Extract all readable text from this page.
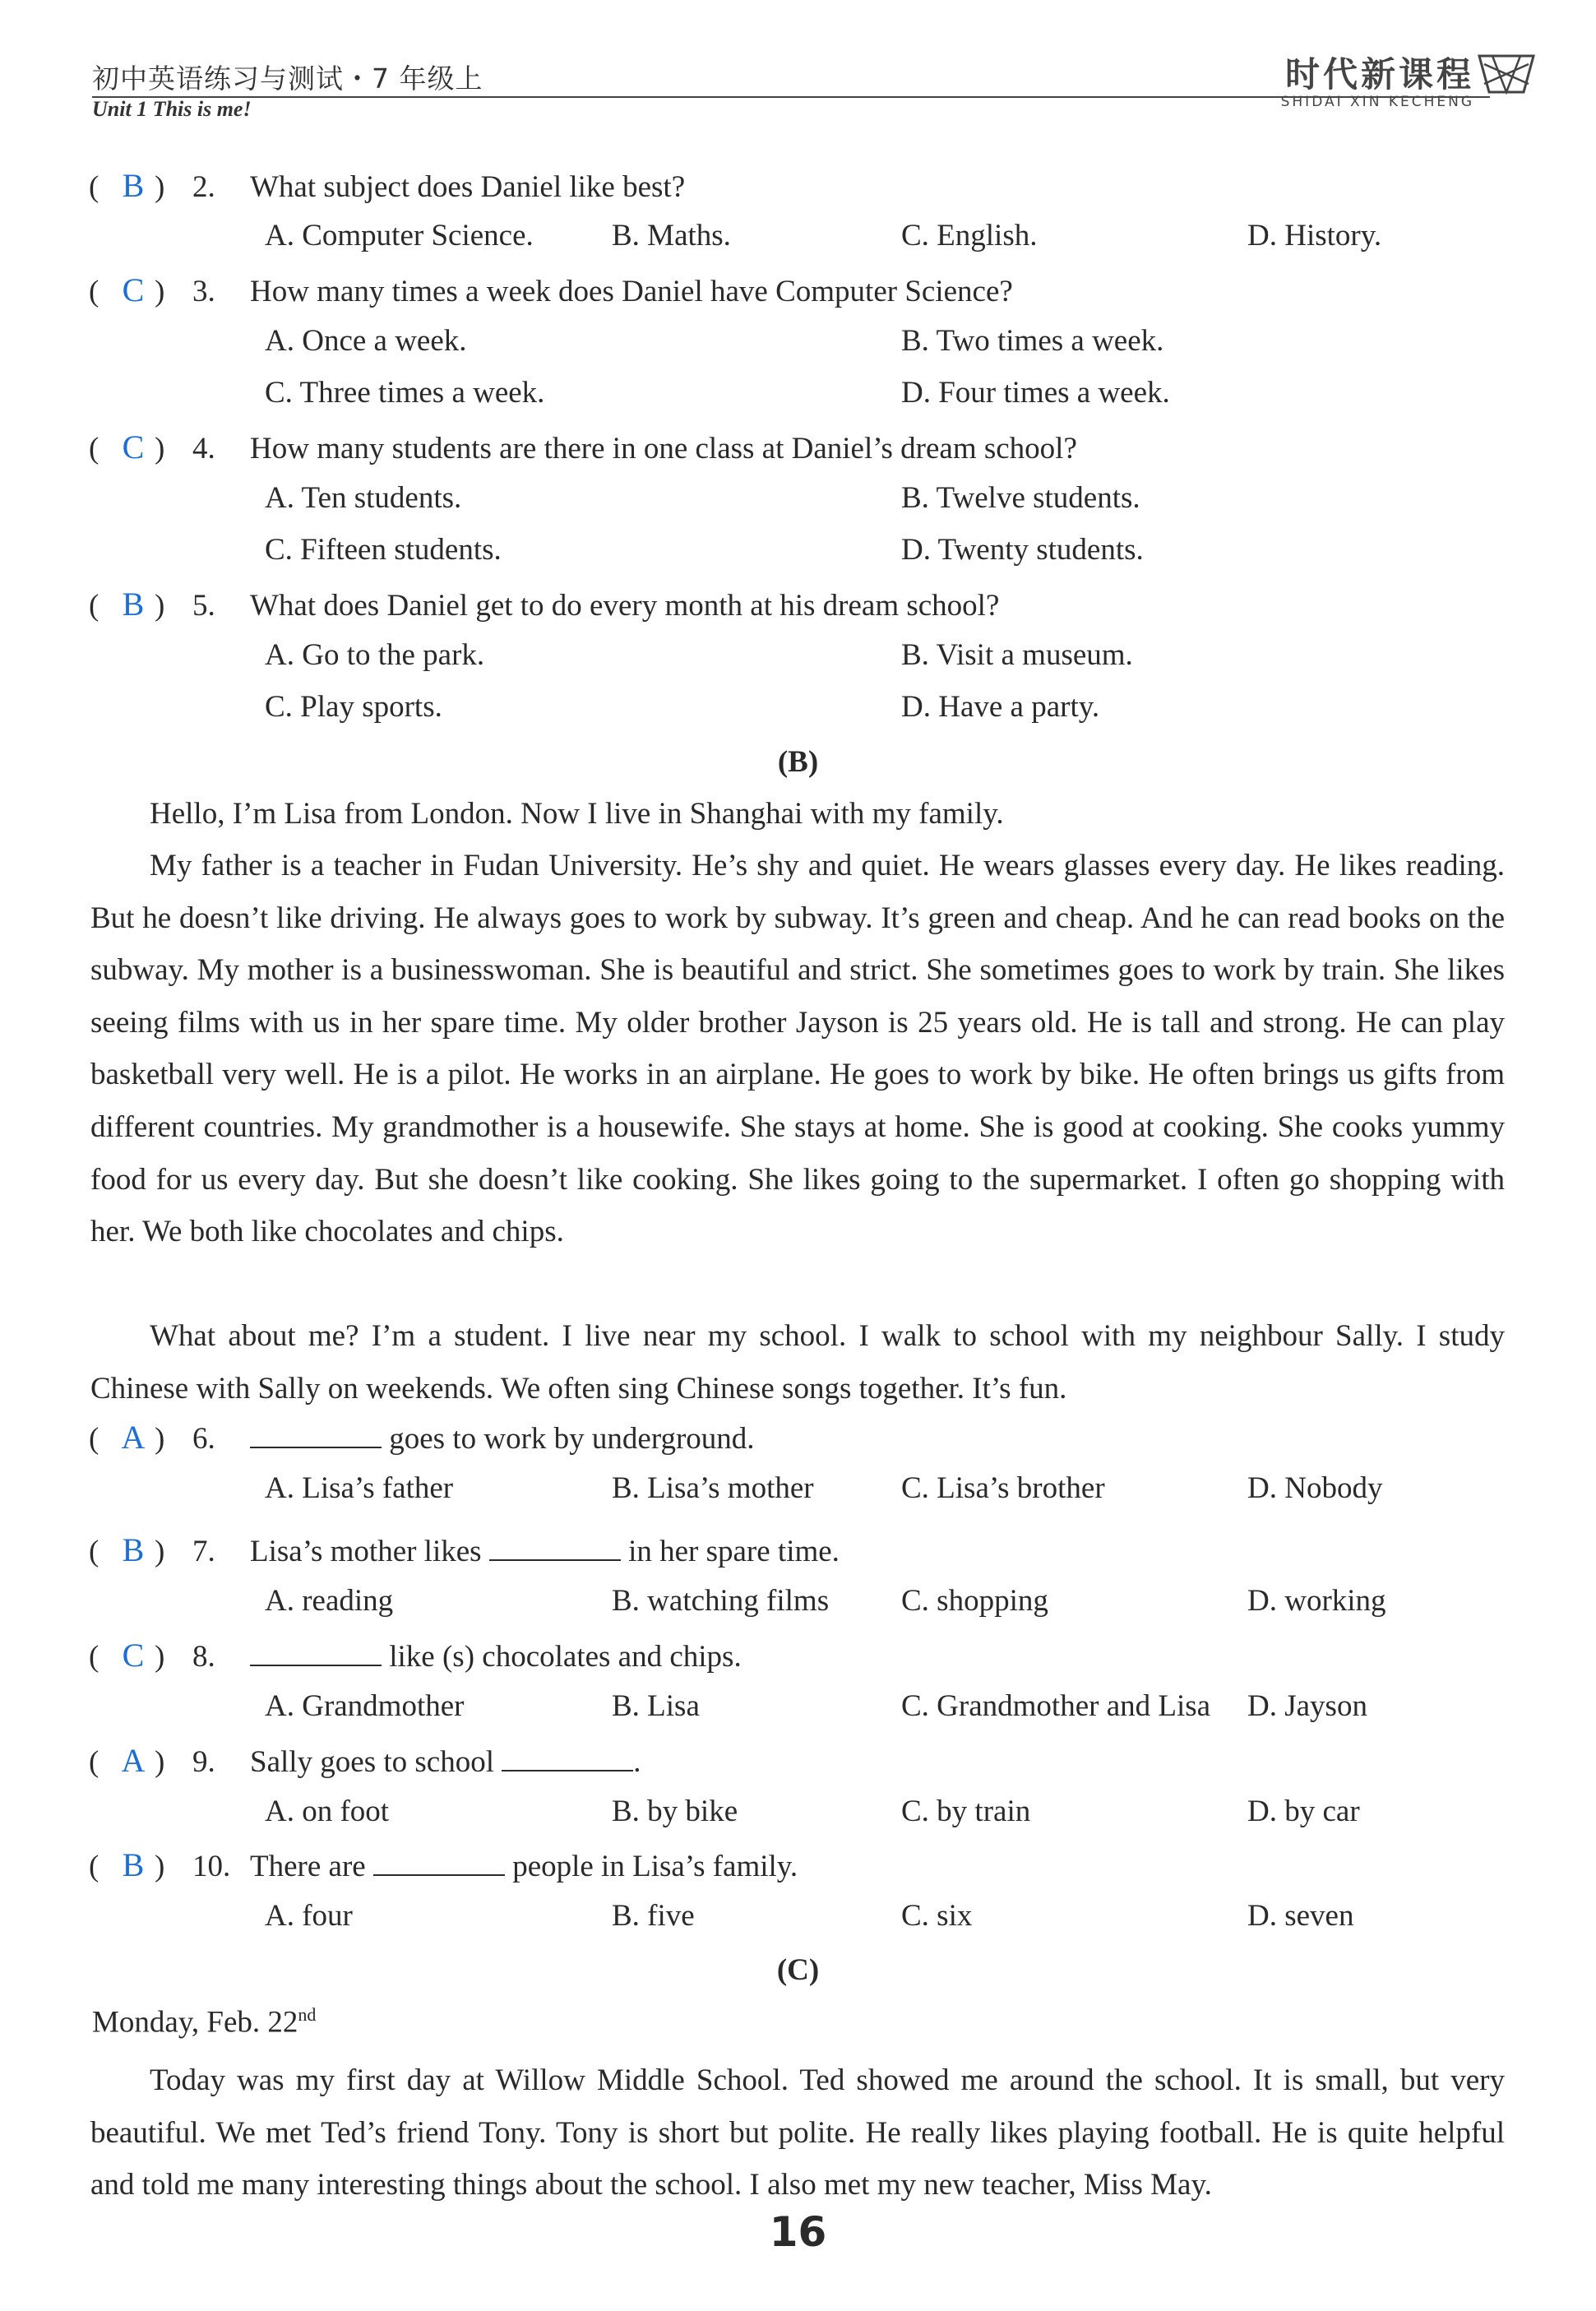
初中英语练习与测试・7 年级上
Unit 1 This is me!
时代新课程
SHIDAI XIN KECHENG
( B ) 2. What subject does Daniel like best?
A. Computer Science.	B. Maths.	C. English.	D. History.
( C ) 3. How many times a week does Daniel have Computer Science?
A. Once a week.	B. Two times a week.
C. Three times a week.	D. Four times a week.
( C ) 4. How many students are there in one class at Daniel’s dream school?
A. Ten students.	B. Twelve students.
C. Fifteen students.	D. Twenty students.
( B ) 5. What does Daniel get to do every month at his dream school?
A. Go to the park.	B. Visit a museum.
C. Play sports.	D. Have a party.
(B)
Hello, I’m Lisa from London. Now I live in Shanghai with my family.
My father is a teacher in Fudan University. He’s shy and quiet. He wears glasses every day. He likes reading. But he doesn’t like driving. He always goes to work by subway. It’s green and cheap. And he can read books on the subway. My mother is a businesswoman. She is beautiful and strict. She sometimes goes to work by train. She likes seeing films with us in her spare time. My older brother Jayson is 25 years old. He is tall and strong. He can play basketball very well. He is a pilot. He works in an airplane. He goes to work by bike. He often brings us gifts from different countries. My grandmother is a housewife. She stays at home. She is good at cooking. She cooks yummy food for us every day. But she doesn’t like cooking. She likes going to the supermarket. I often go shopping with her. We both like chocolates and chips.
What about me? I’m a student. I live near my school. I walk to school with my neighbour Sally. I study Chinese with Sally on weekends. We often sing Chinese songs together. It’s fun.
( A ) 6.	goes to work by underground.
A. Lisa’s father	B. Lisa’s mother	C. Lisa’s brother	D. Nobody
( B ) 7. Lisa’s mother likes	in her spare time.
A. reading	B. watching films C. shopping	D. working
( C ) 8.	like (s) chocolates and chips.
A. Grandmother	B. Lisa	C. Grandmother and Lisa D. Jayson
( A ) 9. Sally goes to school	.
A. on foot	B. by bike	C. by train	D. by car
( B ) 10. There are	people in Lisa’s family.
A. four	B. five	C. six	D. seven
(C)
Monday, Feb. 22nd
Today was my first day at Willow Middle School. Ted showed me around the school. It is small, but very beautiful. We met Ted’s friend Tony. Tony is short but polite. He really likes playing football. He is quite helpful and told me many interesting things about the school. I also met my new teacher, Miss May.
16
